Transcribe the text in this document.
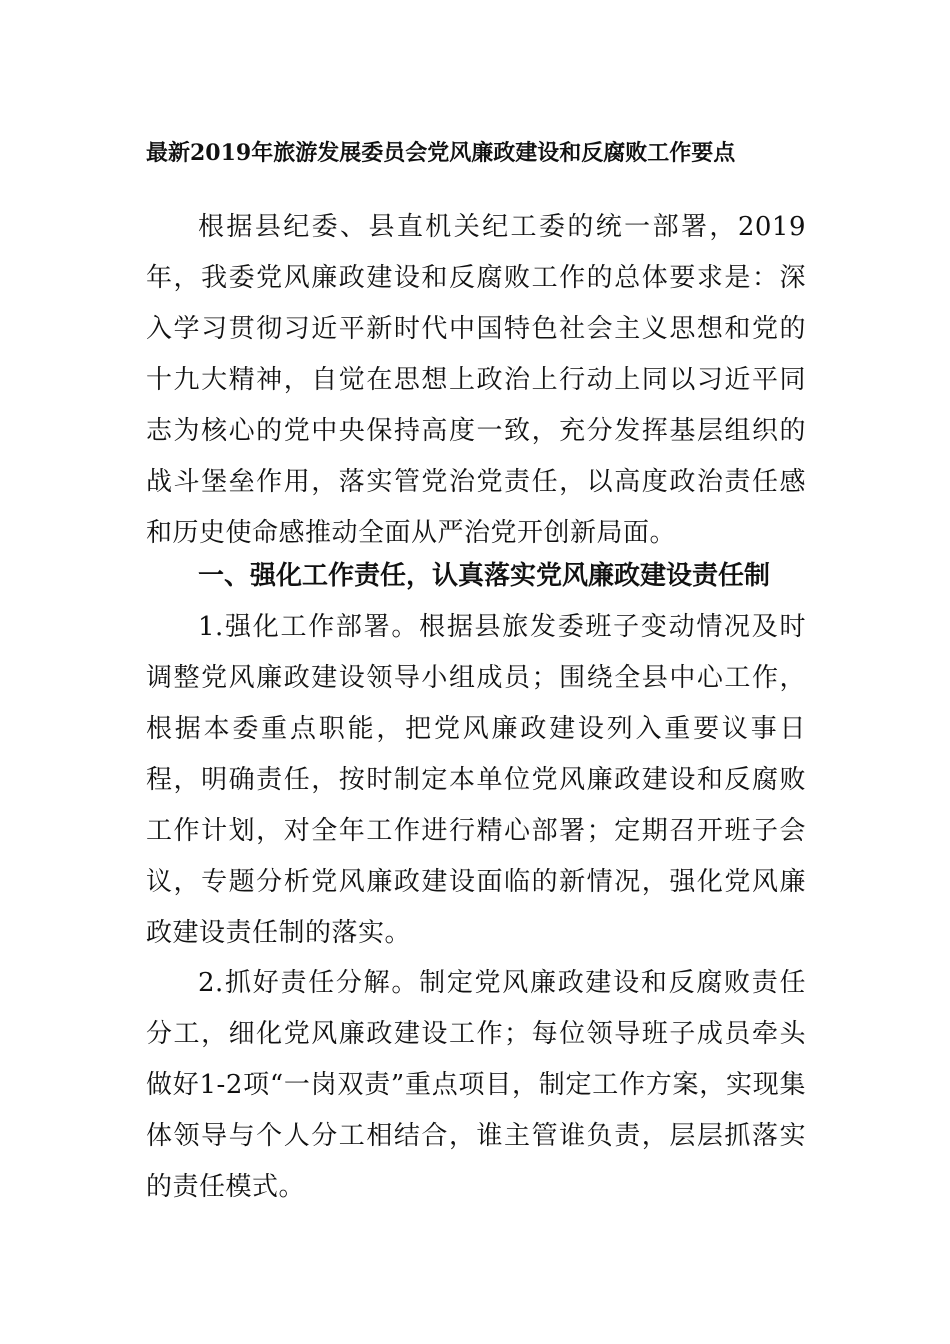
最新2019年旅游发展委员会党风廉政建设和反腐败工作要点
根据县纪委、县直机关纪工委的统一部署，2019年，我委党风廉政建设和反腐败工作的总体要求是：深入学习贯彻习近平新时代中国特色社会主义思想和党的十九大精神，自觉在思想上政治上行动上同以习近平同志为核心的党中央保持高度一致，充分发挥基层组织的战斗堡垒作用，落实管党治党责任，以高度政治责任感和历史使命感推动全面从严治党开创新局面。
一、强化工作责任，认真落实党风廉政建设责任制
1.强化工作部署。根据县旅发委班子变动情况及时调整党风廉政建设领导小组成员；围绕全县中心工作，根据本委重点职能，把党风廉政建设列入重要议事日程，明确责任，按时制定本单位党风廉政建设和反腐败工作计划，对全年工作进行精心部署；定期召开班子会议，专题分析党风廉政建设面临的新情况，强化党风廉政建设责任制的落实。
2.抓好责任分解。制定党风廉政建设和反腐败责任分工，细化党风廉政建设工作；每位领导班子成员牵头做好1-2项“一岗双责”重点项目，制定工作方案，实现集体领导与个人分工相结合，谁主管谁负责，层层抓落实的责任模式。
